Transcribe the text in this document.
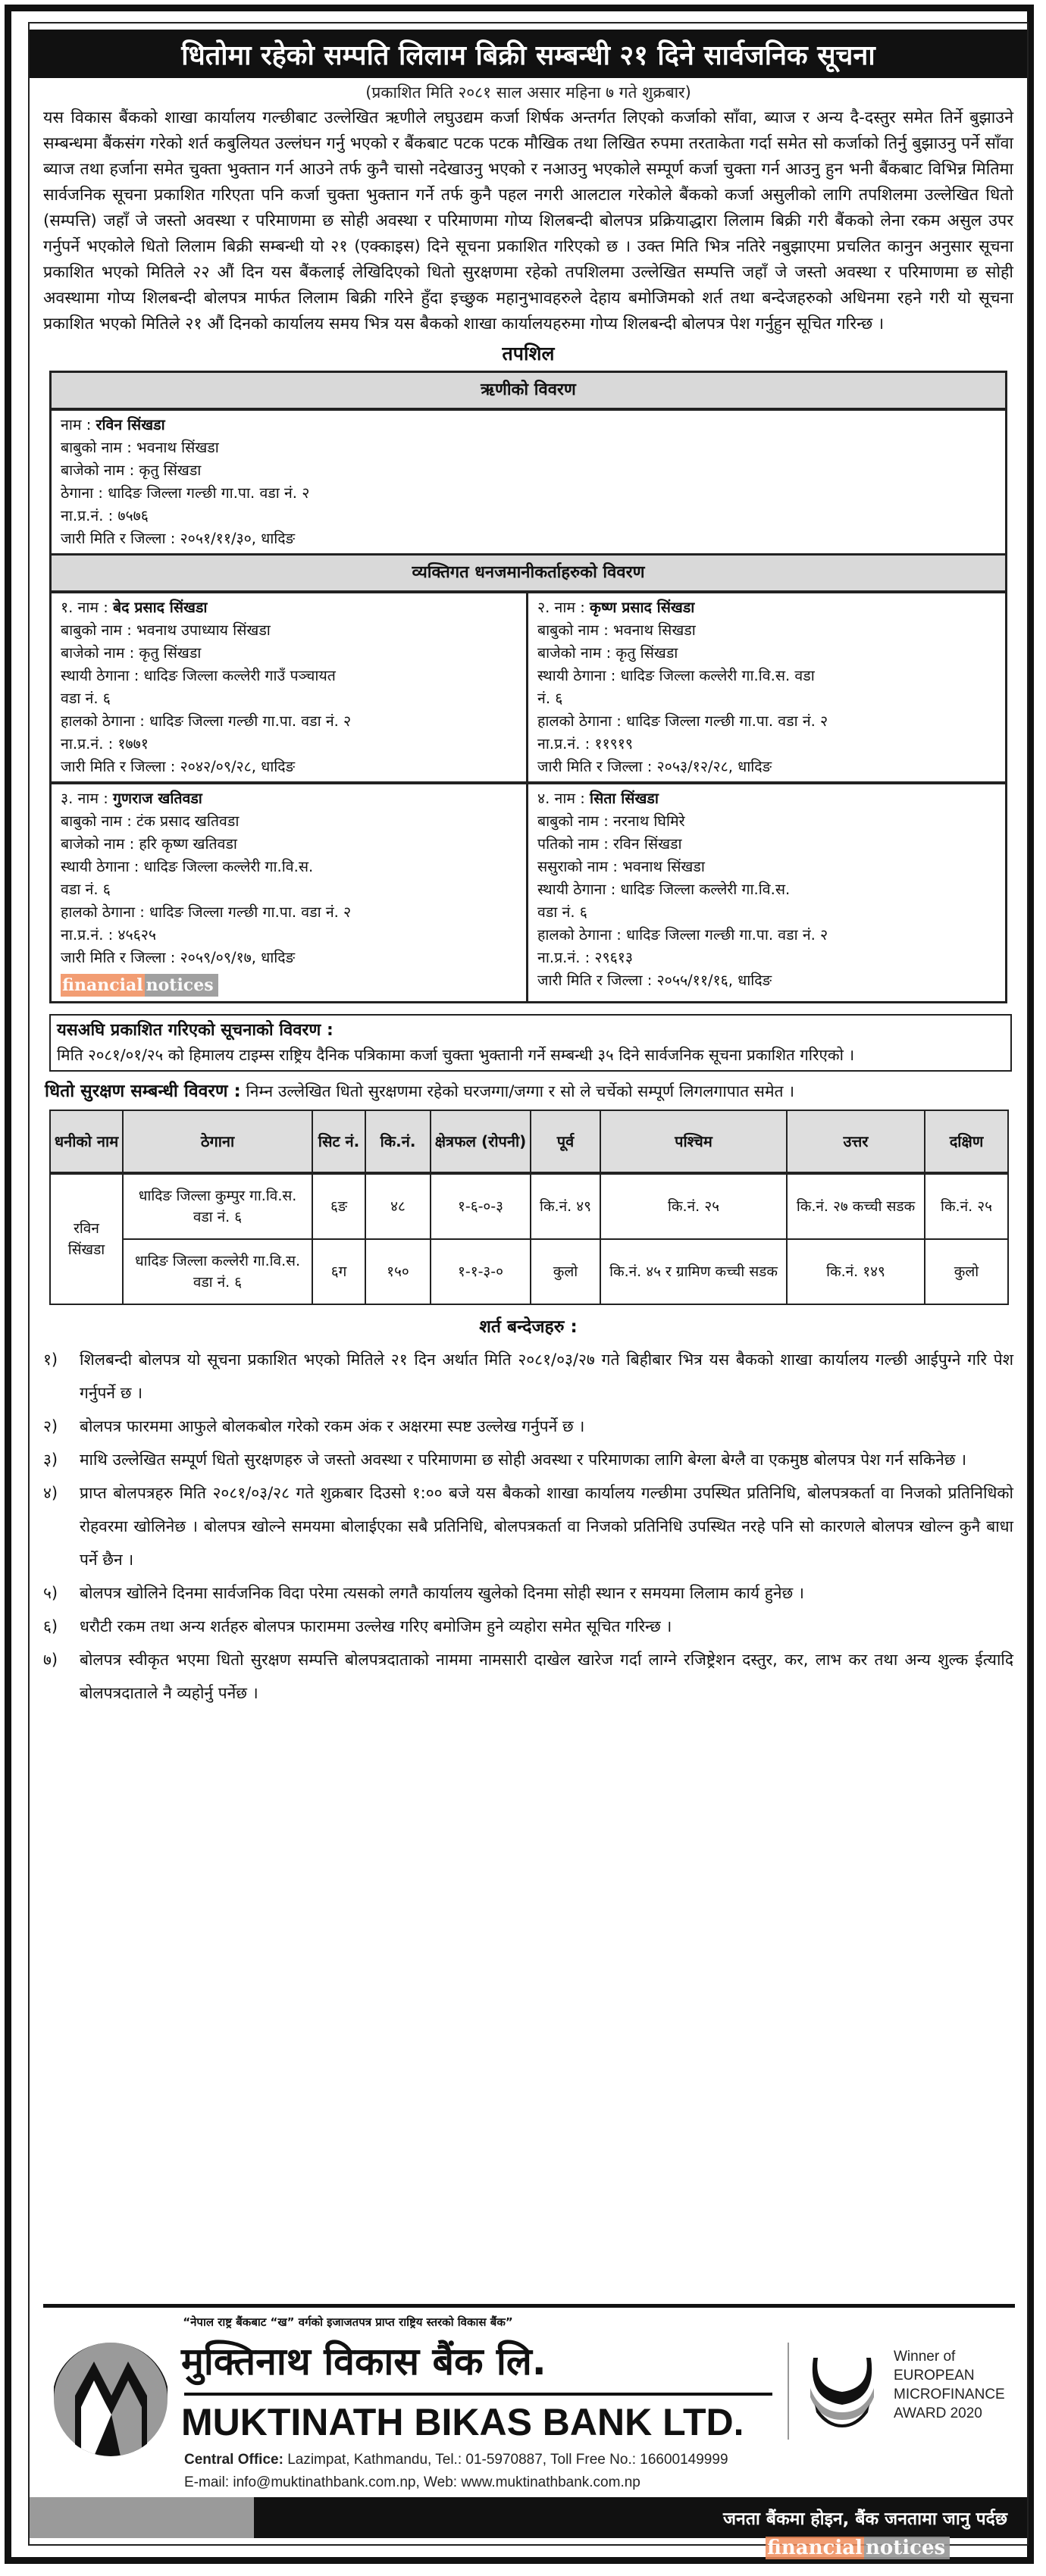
धितोमा रहेको सम्पति लिलाम बिक्री सम्बन्धी २१ दिने सार्वजनिक सूचना
(प्रकाशित मिति २०८१ साल असार महिना ७ गते शुक्रबार)
यस विकास बैंकको शाखा कार्यालय गल्छीबाट उल्लेखित ऋणीले लघुउद्यम कर्जा शिर्षक अन्तर्गत लिएको कर्जाको साँवा, ब्याज र अन्य दै-दस्तुर समेत तिर्ने बुझाउने सम्बन्धमा बैंकसंग गरेको शर्त कबुलियत उल्लंघन गर्नु भएको र बैंकबाट पटक पटक मौखिक तथा लिखित रुपमा तरताकेता गर्दा समेत सो कर्जाको तिर्नु बुझाउनु पर्ने साँवा ब्याज तथा हर्जाना समेत चुक्ता भुक्तान गर्न आउने तर्फ कुनै चासो नदेखाउनु भएको र नआउनु भएकोले सम्पूर्ण कर्जा चुक्ता गर्न आउनु हुन भनी बैंकबाट विभिन्न मितिमा सार्वजनिक सूचना प्रकाशित गरिएता पनि कर्जा चुक्ता भुक्तान गर्ने तर्फ कुनै पहल नगरी आलटाल गरेकोले बैंकको कर्जा असुलीको लागि तपशिलमा उल्लेखित धितो (सम्पत्ति) जहाँ जे जस्तो अवस्था र परिमाणमा छ सोही अवस्था र परिमाणमा गोप्य शिलबन्दी बोलपत्र प्रक्रियाद्धारा लिलाम बिक्री गरी बैंकको लेना रकम असुल उपर गर्नुपर्ने भएकोले धितो लिलाम बिक्री सम्बन्धी यो २१ (एक्काइस) दिने सूचना प्रकाशित गरिएको छ । उक्त मिति भित्र नतिरे नबुझाएमा प्रचलित कानुन अनुसार सूचना प्रकाशित भएको मितिले २२ औं दिन यस बैंकलाई लेखिदिएको धितो सुरक्षणमा रहेको तपशिलमा उल्लेखित सम्पत्ति जहाँ जे जस्तो अवस्था र परिमाणमा छ सोही अवस्थामा गोप्य शिलबन्दी बोलपत्र मार्फत लिलाम बिक्री गरिने हुँदा इच्छुक महानुभावहरुले देहाय बमोजिमको शर्त तथा बन्देजहरुको अधिनमा रहने गरी यो सूचना प्रकाशित भएको मितिले २१ औं दिनको कार्यालय समय भित्र यस बैकको शाखा कार्यालयहरुमा गोप्य शिलबन्दी बोलपत्र पेश गर्नुहुन सूचित गरिन्छ ।
तपशिल
ऋणीको विवरण
नाम : रविन सिंखडा
बाबुको नाम : भवनाथ सिंखडा
बाजेको नाम : कृतु सिंखडा
ठेगाना : धादिङ जिल्ला गल्छी गा.पा. वडा नं. २
ना.प्र.नं. : ७५७६
जारी मिति र जिल्ला : २०५१/११/३०, धादिङ
व्यक्तिगत धनजमानीकर्ताहरुको विवरण
१. नाम : बेद प्रसाद सिंखडा
बाबुको नाम : भवनाथ उपाध्याय सिंखडा
बाजेको नाम : कृतु सिंखडा
स्थायी ठेगाना : धादिङ जिल्ला कल्लेरी गाउँ पञ्चायत
वडा नं. ६
हालको ठेगाना : धादिङ जिल्ला गल्छी गा.पा. वडा नं. २
ना.प्र.नं. : १७७१
जारी मिति र जिल्ला : २०४२/०९/२८, धादिङ
२. नाम : कृष्ण प्रसाद सिंखडा
बाबुको नाम : भवनाथ सिखडा
बाजेको नाम : कृतु सिंखडा
स्थायी ठेगाना : धादिङ जिल्ला कल्लेरी गा.वि.स. वडा
नं. ६
हालको ठेगाना : धादिङ जिल्ला गल्छी गा.पा. वडा नं. २
ना.प्र.नं. : ११९१९
जारी मिति र जिल्ला : २०५३/१२/२८, धादिङ
३. नाम : गुणराज खतिवडा
बाबुको नाम : टंक प्रसाद खतिवडा
बाजेको नाम : हरि कृष्ण खतिवडा
स्थायी ठेगाना : धादिङ जिल्ला कल्लेरी गा.वि.स.
वडा नं. ६
हालको ठेगाना : धादिङ जिल्ला गल्छी गा.पा. वडा नं. २
ना.प्र.नं. : ४५६२५
जारी मिति र जिल्ला : २०५९/०९/१७, धादिङ
financial notices
४. नाम : सिता सिंखडा
बाबुको नाम : नरनाथ घिमिरे
पतिको नाम : रविन सिंखडा
ससुराको नाम : भवनाथ सिंखडा
स्थायी ठेगाना : धादिङ जिल्ला कल्लेरी गा.वि.स.
वडा नं. ६
हालको ठेगाना : धादिङ जिल्ला गल्छी गा.पा. वडा नं. २
ना.प्र.नं. : २९६१३
जारी मिति र जिल्ला : २०५५/११/१६, धादिङ
यसअघि प्रकाशित गरिएको सूचनाको विवरण :
मिति २०८१/०१/२५ को हिमालय टाइम्स राष्ट्रिय दैनिक पत्रिकामा कर्जा चुक्ता भुक्तानी गर्ने सम्बन्धी ३५ दिने सार्वजनिक सूचना प्रकाशित गरिएको ।
धितो सुरक्षण सम्बन्धी विवरण : निम्न उल्लेखित धितो सुरक्षणमा रहेको घरजग्गा/जग्गा र सो ले चर्चेको सम्पूर्ण लिगलगापात समेत ।
धनीको नाम	ठेगाना	सिट नं.	कि.नं.	क्षेत्रफल (रोपनी)	पूर्व	पश्चिम	उत्तर	दक्षिण
रविन सिंखडा	धादिङ जिल्ला कुम्पुर गा.वि.स. वडा नं. ६	६ङ	४८	१-६-०-३	कि.नं. ४९	कि.नं. २५	कि.नं. २७ कच्ची सडक	कि.नं. २५
	धादिङ जिल्ला कल्लेरी गा.वि.स. वडा नं. ६	६ग	१५०	१-१-३-०	कुलो	कि.नं. ४५ र ग्रामिण कच्ची सडक	कि.नं. १४९	कुलो
शर्त बन्देजहरु :
१)	शिलबन्दी बोलपत्र यो सूचना प्रकाशित भएको मितिले २१ दिन अर्थात मिति २०८१/०३/२७ गते बिहीबार भित्र यस बैकको शाखा कार्यालय गल्छी आईपुग्ने गरि पेश गर्नुपर्ने छ ।
२)	बोलपत्र फारममा आफुले बोलकबोल गरेको रकम अंक र अक्षरमा स्पष्ट उल्लेख गर्नुपर्ने छ ।
३)	माथि उल्लेखित सम्पूर्ण धितो सुरक्षणहरु जे जस्तो अवस्था र परिमाणमा छ सोही अवस्था र परिमाणका लागि बेग्ला बेग्लै वा एकमुष्ठ बोलपत्र पेश गर्न सकिनेछ ।
४)	प्राप्त बोलपत्रहरु मिति २०८१/०३/२८ गते शुक्रबार दिउसो १:०० बजे यस बैकको शाखा कार्यालय गल्छीमा उपस्थित प्रतिनिधि, बोलपत्रकर्ता वा निजको प्रतिनिधिको रोहवरमा खोलिनेछ । बोलपत्र खोल्ने समयमा बोलाईएका सबै प्रतिनिधि, बोलपत्रकर्ता वा निजको प्रतिनिधि उपस्थित नरहे पनि सो कारणले बोलपत्र खोल्न कुनै बाधा पर्ने छैन ।
५)	बोलपत्र खोलिने दिनमा सार्वजनिक विदा परेमा त्यसको लगतै कार्यालय खुलेको दिनमा सोही स्थान र समयमा लिलाम कार्य हुनेछ ।
६)	धरौटी रकम तथा अन्य शर्तहरु बोलपत्र फाराममा उल्लेख गरिए बमोजिम हुने व्यहोरा समेत सूचित गरिन्छ ।
७)	बोलपत्र स्वीकृत भएमा धितो सुरक्षण सम्पत्ति बोलपत्रदाताको नाममा नामसारी दाखेल खारेज गर्दा लाग्ने रजिष्ट्रेशन दस्तुर, कर, लाभ कर तथा अन्य शुल्क ईत्यादि बोलपत्रदाताले नै व्यहोर्नु पर्नेछ ।
“नेपाल राष्ट्र बैंकबाट “ख” वर्गको इजाजतपत्र प्राप्त राष्ट्रिय स्तरको विकास बैंक”
मुक्तिनाथ विकास बैंक लि.
MUKTINATH BIKAS BANK LTD.
Winner of
EUROPEAN
MICROFINANCE
AWARD 2020
Central Office: Lazimpat, Kathmandu, Tel.: 01-5970887, Toll Free No.: 16600149999
E-mail: info@muktinathbank.com.np, Web: www.muktinathbank.com.np
जनता बैंकमा होइन, बैंक जनतामा जानु पर्दछ
financial notices
